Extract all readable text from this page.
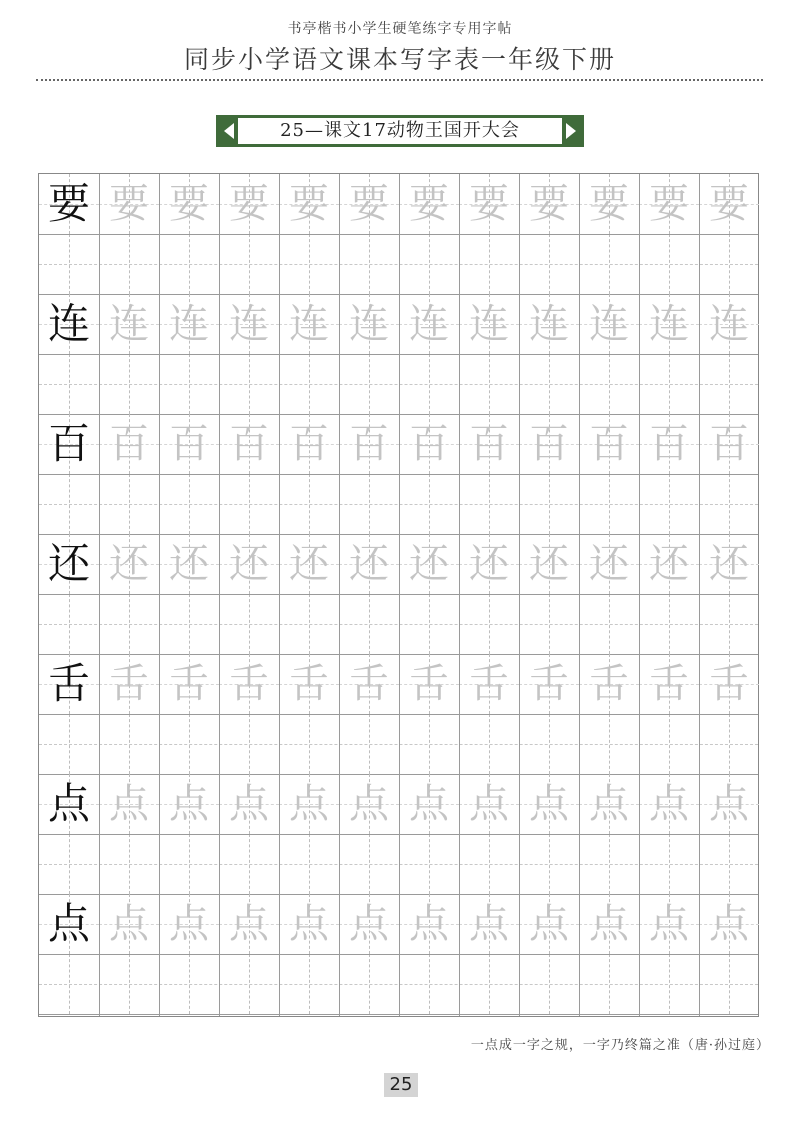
书亭楷书小学生硬笔练字专用字帖
同步小学语文课本写字表一年级下册
25—课文17动物王国开大会
要 要 要 要 要 要 要 要 要 要 要 要
连 连 连 连 连 连 连 连 连 连 连 连
百 百 百 百 百 百 百 百 百 百 百 百
还 还 还 还 还 还 还 还 还 还 还 还
舌 舌 舌 舌 舌 舌 舌 舌 舌 舌 舌 舌
点 点 点 点 点 点 点 点 点 点 点 点
点 点 点 点 点 点 点 点 点 点 点 点
一点成一字之规，一字乃终篇之准（唐·孙过庭）
25
